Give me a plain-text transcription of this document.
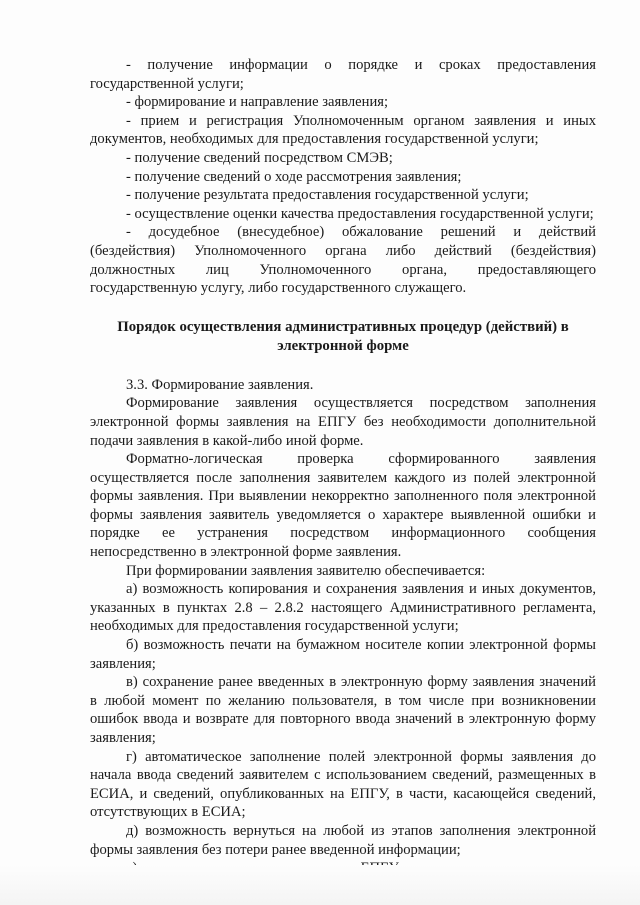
- получение информации о порядке и сроках предоставления государственной услуги;

- формирование и направление заявления;

- прием и регистрация Уполномоченным органом заявления и иных документов, необходимых для предоставления государственной услуги;

- получение сведений посредством СМЭВ;

- получение сведений о ходе рассмотрения заявления;

- получение результата предоставления государственной услуги;

- осуществление оценки качества предоставления государственной услуги;

- досудебное (внесудебное) обжалование решений и действий (бездействия) Уполномоченного органа либо действий (бездействия) должностных лиц Уполномоченного органа, предоставляющего государственную услугу, либо государственного служащего.

Порядок осуществления административных процедур (действий) в электронной форме

3.3. Формирование заявления.

Формирование заявления осуществляется посредством заполнения электронной формы заявления на ЕПГУ без необходимости дополнительной подачи заявления в какой-либо иной форме.

Форматно-логическая проверка сформированного заявления осуществляется после заполнения заявителем каждого из полей электронной формы заявления. При выявлении некорректно заполненного поля электронной формы заявления заявитель уведомляется о характере выявленной ошибки и порядке ее устранения посредством информационного сообщения непосредственно в электронной форме заявления.

При формировании заявления заявителю обеспечивается:

а) возможность копирования и сохранения заявления и иных документов, указанных в пунктах 2.8 – 2.8.2 настоящего Административного регламента, необходимых для предоставления государственной услуги;

б) возможность печати на бумажном носителе копии электронной формы заявления;

в) сохранение ранее введенных в электронную форму заявления значений в любой момент по желанию пользователя, в том числе при возникновении ошибок ввода и возврате для повторного ввода значений в электронную форму заявления;

г) автоматическое заполнение полей электронной формы заявления до начала ввода сведений заявителем с использованием сведений, размещенных в ЕСИА, и сведений, опубликованных на ЕПГУ, в части, касающейся сведений, отсутствующих в ЕСИА;

д) возможность вернуться на любой из этапов заполнения электронной формы заявления без потери ранее введенной информации;
